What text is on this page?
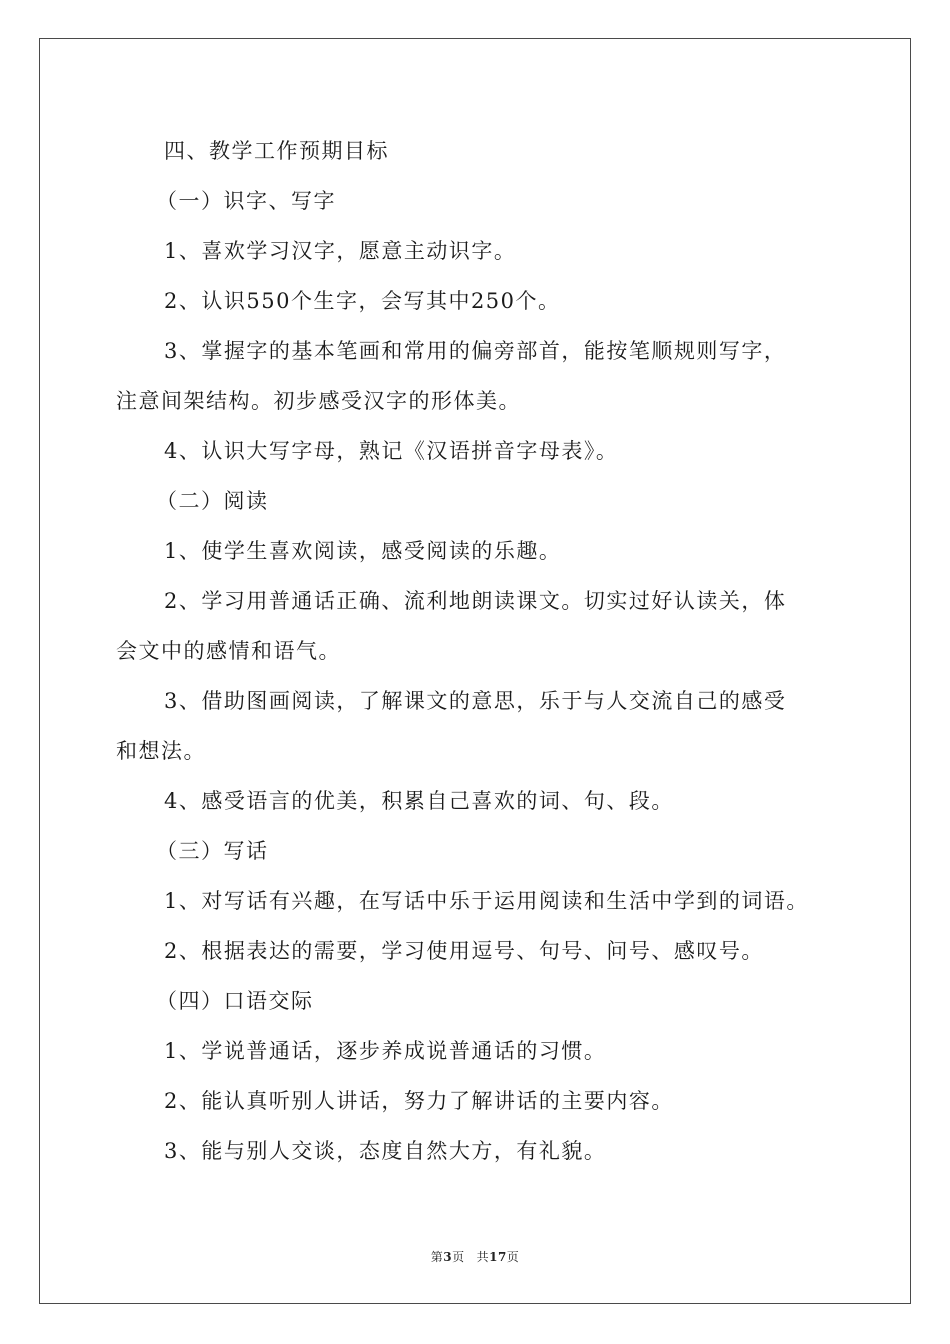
四、教学工作预期目标
（一）识字、写字
1、喜欢学习汉字，愿意主动识字。
2、认识550个生字，会写其中250个。
3、掌握字的基本笔画和常用的偏旁部首，能按笔顺规则写字，
注意间架结构。初步感受汉字的形体美。
4、认识大写字母，熟记《汉语拼音字母表》。
（二）阅读
1、使学生喜欢阅读，感受阅读的乐趣。
2、学习用普通话正确、流利地朗读课文。切实过好认读关，体
会文中的感情和语气。
3、借助图画阅读，了解课文的意思，乐于与人交流自己的感受
和想法。
4、感受语言的优美，积累自己喜欢的词、句、段。
（三）写话
1、对写话有兴趣，在写话中乐于运用阅读和生活中学到的词语。
2、根据表达的需要，学习使用逗号、句号、问号、感叹号。
（四）口语交际
1、学说普通话，逐步养成说普通话的习惯。
2、能认真听别人讲话，努力了解讲话的主要内容。
3、能与别人交谈，态度自然大方，有礼貌。
第3页 共17页
